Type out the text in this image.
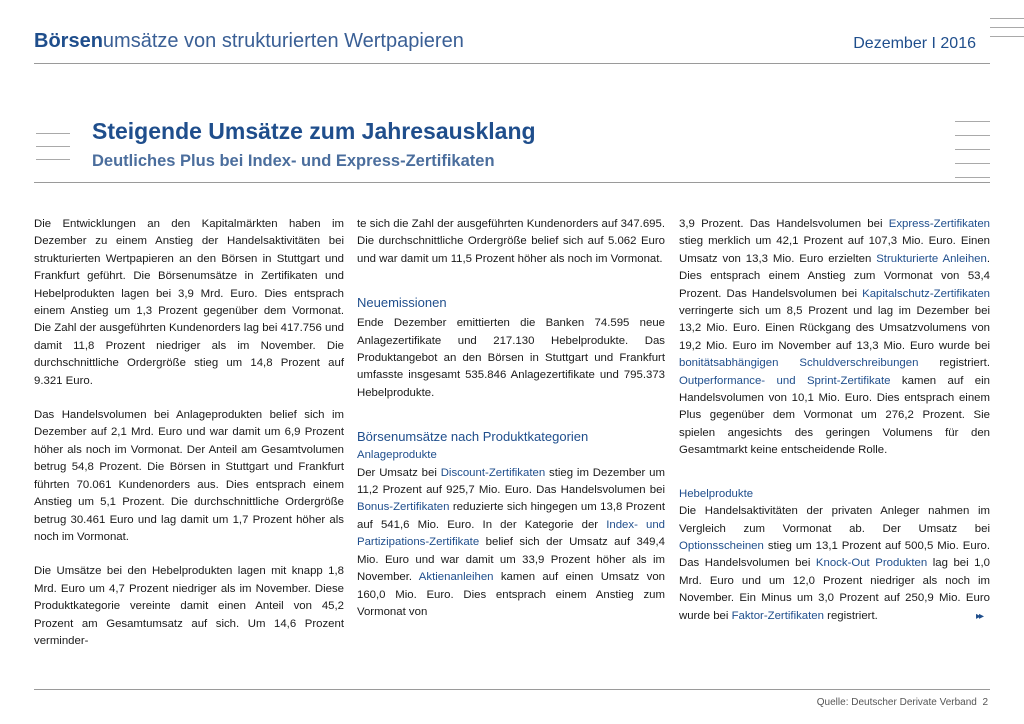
Börsenumsätze von strukturierten Wertpapieren	Dezember I 2016
Steigende Umsätze zum Jahresausklang
Deutliches Plus bei Index- und Express-Zertifikaten

Die Entwicklungen an den Kapitalmärkten haben im Dezember zu einem Anstieg der Handelsaktivitäten bei strukturierten Wertpapieren an den Börsen in Stuttgart und Frankfurt geführt. Die Börsenumsätze in Zertifikaten und Hebelprodukten lagen bei 3,9 Mrd. Euro. Dies entsprach einem Anstieg um 1,3 Prozent gegenüber dem Vormonat. Die Zahl der ausgeführten Kundenorders lag bei 417.756 und damit 11,8 Prozent niedriger als im November. Die durchschnittliche Ordergröße stieg um 14,8 Prozent auf 9.321 Euro.

Das Handelsvolumen bei Anlageprodukten belief sich im Dezember auf 2,1 Mrd. Euro und war damit um 6,9 Prozent höher als noch im Vormonat. Der Anteil am Gesamtvolumen betrug 54,8 Prozent. Die Börsen in Stuttgart und Frankfurt führten 70.061 Kundenorders aus. Dies entsprach einem Anstieg um 5,1 Prozent. Die durchschnittliche Ordergröße betrug 30.461 Euro und lag damit um 1,7 Prozent höher als noch im Vormonat.

Die Umsätze bei den Hebelprodukten lagen mit knapp 1,8 Mrd. Euro um 4,7 Prozent niedriger als im November. Diese Produktkategorie vereinte damit einen Anteil von 45,2 Prozent am Gesamtumsatz auf sich. Um 14,6 Prozent verminder-

te sich die Zahl der ausgeführten Kundenorders auf 347.695. Die durchschnittliche Ordergröße belief sich auf 5.062 Euro und war damit um 11,5 Prozent höher als noch im Vormonat.

Neuemissionen

Ende Dezember emittierten die Banken 74.595 neue Anlagezertifikate und 217.130 Hebelprodukte. Das Produktangebot an den Börsen in Stuttgart und Frankfurt umfasste insgesamt 535.846 Anlagezertifikate und 795.373 Hebelprodukte.

Börsenumsätze nach Produktkategorien
Anlageprodukte

Der Umsatz bei Discount-Zertifikaten stieg im Dezember um 11,2 Prozent auf 925,7 Mio. Euro. Das Handelsvolumen bei Bonus-Zertifikaten reduzierte sich hingegen um 13,8 Prozent auf 541,6 Mio. Euro. In der Kategorie der Index- und Partizipations-Zertifikate belief sich der Umsatz auf 349,4 Mio. Euro und war damit um 33,9 Prozent höher als im November. Aktienanleihen kamen auf einen Umsatz von 160,0 Mio. Euro. Dies entsprach einem Anstieg zum Vormonat von

3,9 Prozent. Das Handelsvolumen bei Express-Zertifikaten stieg merklich um 42,1 Prozent auf 107,3 Mio. Euro. Einen Umsatz von 13,3 Mio. Euro erzielten Strukturierte Anleihen. Dies entsprach einem Anstieg zum Vormonat von 53,4 Prozent. Das Handelsvolumen bei Kapitalschutz-Zertifikaten verringerte sich um 8,5 Prozent und lag im Dezember bei 13,2 Mio. Euro. Einen Rückgang des Umsatzvolumens von 19,2 Mio. Euro im November auf 13,3 Mio. Euro wurde bei bonitätsabhängigen Schuldverschreibungen registriert. Outperformance- und Sprint-Zertifikate kamen auf ein Handelsvolumen von 10,1 Mio. Euro. Dies entsprach einem Plus gegenüber dem Vormonat um 276,2 Prozent. Sie spielen angesichts des geringen Volumens für den Gesamtmarkt keine entscheidende Rolle.

Hebelprodukte

Die Handelsaktivitäten der privaten Anleger nahmen im Vergleich zum Vormonat ab. Der Umsatz bei Optionsscheinen stieg um 13,1 Prozent auf 500,5 Mio. Euro. Das Handelsvolumen bei Knock-Out Produkten lag bei 1,0 Mrd. Euro und um 12,0 Prozent niedriger als noch im November. Ein Minus um 3,0 Prozent auf 250,9 Mio. Euro wurde bei Faktor-Zertifikaten registriert.	▸▸
Quelle: Deutscher Derivate Verband 2
